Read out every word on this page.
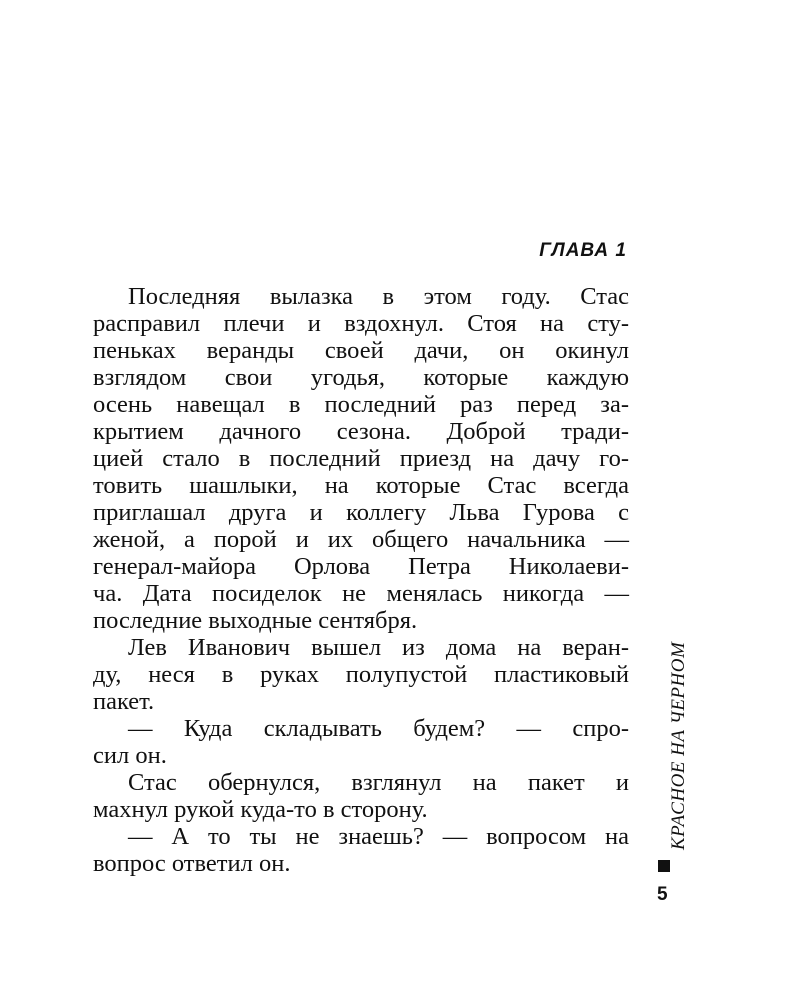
ГЛАВА 1
Последняя вылазка в этом году. Стас
расправил плечи и вздохнул. Стоя на сту-
пеньках веранды своей дачи, он окинул
взглядом свои угодья, которые каждую
осень навещал в последний раз перед за-
крытием дачного сезона. Доброй тради-
цией стало в последний приезд на дачу го-
товить шашлыки, на которые Стас всегда
приглашал друга и коллегу Льва Гурова с
женой, а порой и их общего начальника —
генерал-майора Орлова Петра Николаеви-
ча. Дата посиделок не менялась никогда —
последние выходные сентября.
Лев Иванович вышел из дома на веран-
ду, неся в руках полупустой пластиковый
пакет.
— Куда складывать будем? — спро-
сил он.
Стас обернулся, взглянул на пакет и
махнул рукой куда-то в сторону.
— А то ты не знаешь? — вопросом на
вопрос ответил он.
КРАСНОЕ НА ЧЕРНОМ
5
